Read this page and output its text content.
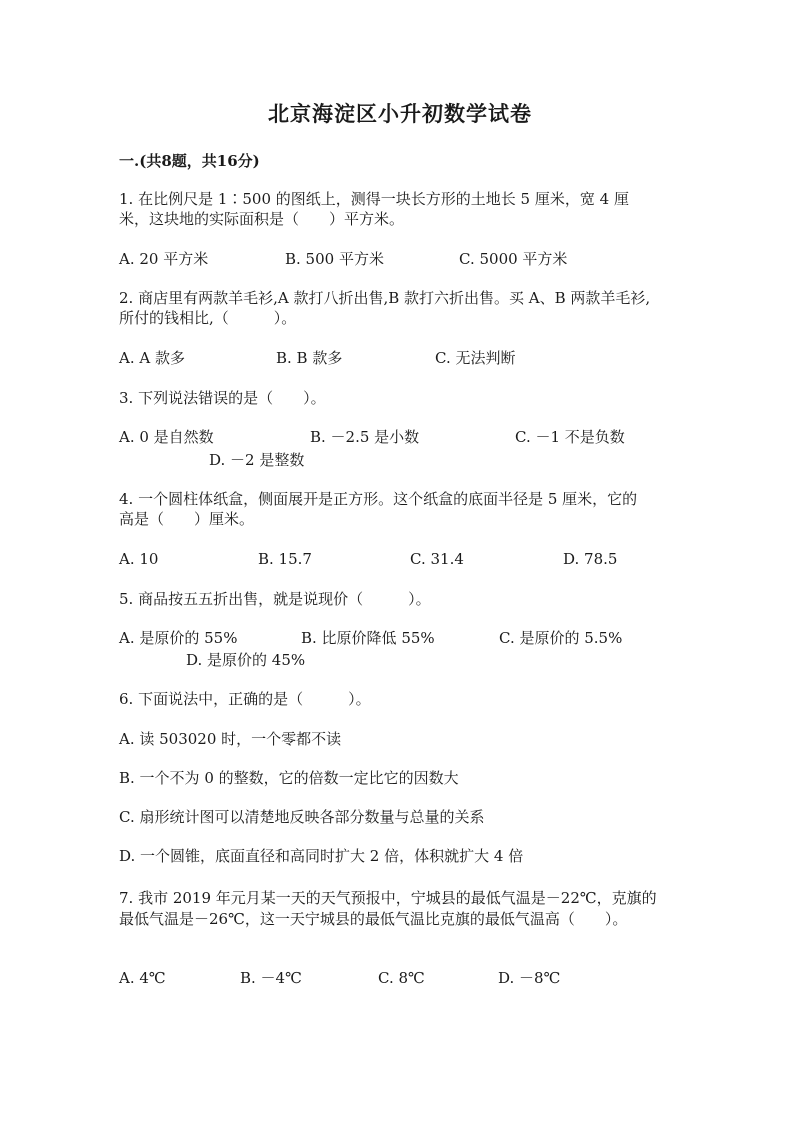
北京海淀区小升初数学试卷
一.(共8题，共16分)
1. 在比例尺是 1∶500 的图纸上，测得一块长方形的土地长 5 厘米，宽 4 厘
米，这块地的实际面积是（　　）平方米。
A. 20 平方米	B. 500 平方米	C. 5000 平方米
2. 商店里有两款羊毛衫,A 款打八折出售,B 款打六折出售。买 A、B 两款羊毛衫,
所付的钱相比,（　　　）。
A. A 款多	B. B 款多	C. 无法判断
3. 下列说法错误的是（　　）。
A. 0 是自然数	B. －2.5 是小数	C. －1 不是负数
D. －2 是整数
4. 一个圆柱体纸盒，侧面展开是正方形。这个纸盒的底面半径是 5 厘米，它的
高是（　　）厘米。
A. 10	B. 15.7	C. 31.4	D. 78.5
5. 商品按五五折出售，就是说现价（　　　）。
A. 是原价的 55%	B. 比原价降低 55%	C. 是原价的 5.5%
D. 是原价的 45%
6. 下面说法中，正确的是（　　　）。
A. 读 503020 时，一个零都不读
B. 一个不为 0 的整数，它的倍数一定比它的因数大
C. 扇形统计图可以清楚地反映各部分数量与总量的关系
D. 一个圆锥，底面直径和高同时扩大 2 倍，体积就扩大 4 倍
7. 我市 2019 年元月某一天的天气预报中，宁城县的最低气温是－22℃，克旗的
最低气温是－26℃，这一天宁城县的最低气温比克旗的最低气温高（　　）。
A. 4℃	B. －4℃	C. 8℃	D. －8℃
